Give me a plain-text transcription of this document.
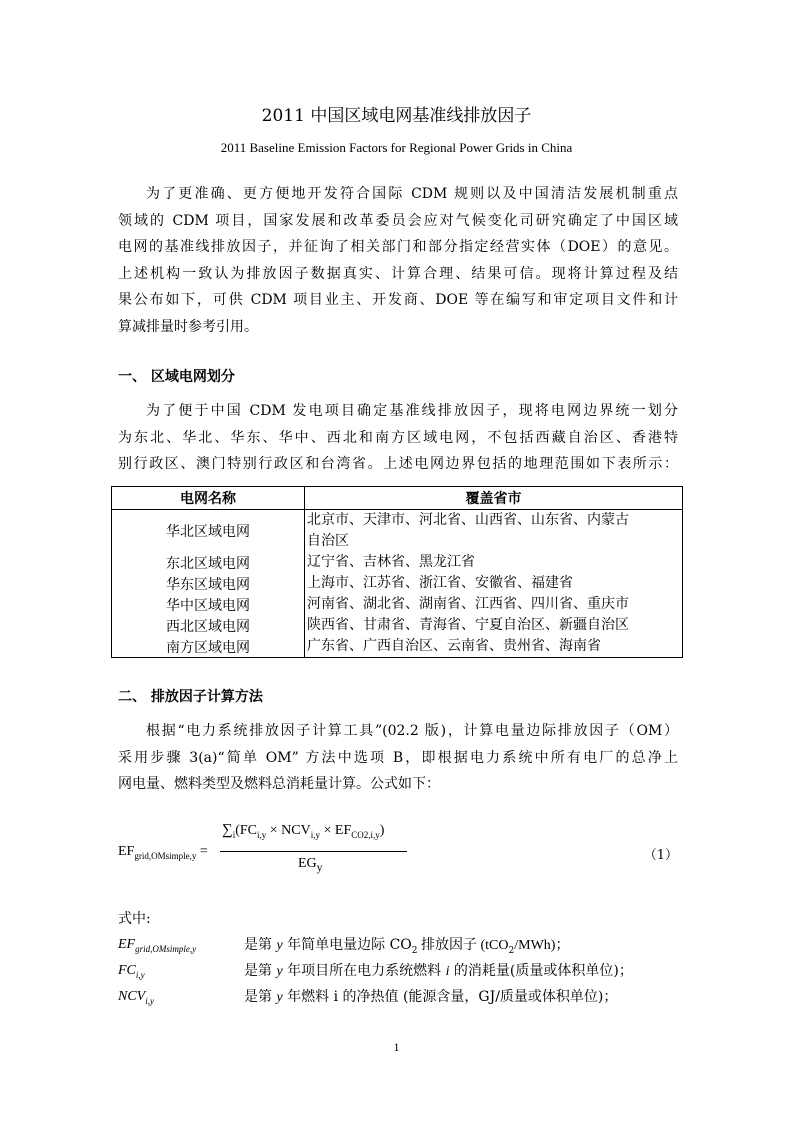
2011 中国区域电网基准线排放因子
2011 Baseline Emission Factors for Regional Power Grids in China
为了更准确、更方便地开发符合国际 CDM 规则以及中国清洁发展机制重点
领域的 CDM 项目，国家发展和改革委员会应对气候变化司研究确定了中国区域
电网的基准线排放因子，并征询了相关部门和部分指定经营实体（DOE）的意见。
上述机构一致认为排放因子数据真实、计算合理、结果可信。现将计算过程及结
果公布如下，可供 CDM 项目业主、开发商、DOE 等在编写和审定项目文件和计
算减排量时参考引用。
一、 区域电网划分
为了便于中国 CDM 发电项目确定基准线排放因子，现将电网边界统一划分
为东北、华北、华东、华中、西北和南方区域电网，不包括西藏自治区、香港特
别行政区、澳门特别行政区和台湾省。上述电网边界包括的地理范围如下表所示：
电网名称	覆盖省市
华北区域电网	北京市、天津市、河北省、山西省、山东省、内蒙古
自治区

东北区域电网	辽宁省、吉林省、黑龙江省

华东区域电网	上海市、江苏省、浙江省、安徽省、福建省

华中区域电网	河南省、湖北省、湖南省、江西省、四川省、重庆市

西北区域电网	陕西省、甘肃省、青海省、宁夏自治区、新疆自治区

南方区域电网	广东省、广西自治区、云南省、贵州省、海南省
二、 排放因子计算方法
根据“电力系统排放因子计算工具”(02.2 版)，计算电量边际排放因子（OM）
采用步骤 3(a)“简单 OM” 方法中选项 B，即根据电力系统中所有电厂的总净上
网电量、燃料类型及燃料总消耗量计算。公式如下：
$EF_{grid,OMsimple,y}$ =
$\sum_i(FC_{i,y} \times NCV_{i,y} \times EF_{CO2,i,y})$
$EG_y$
（1）
式中:
$EF_{grid,OMsimple,y}$	是第 y 年简单电量边际 $CO_2$ 排放因子 (tCO$_2$/MWh)；
$FC_{i,y}$	是第 y 年项目所在电力系统燃料 i 的消耗量(质量或体积单位)；
$NCV_{i,y}$	是第 y 年燃料 i 的净热值 (能源含量，GJ/质量或体积单位)；
1
